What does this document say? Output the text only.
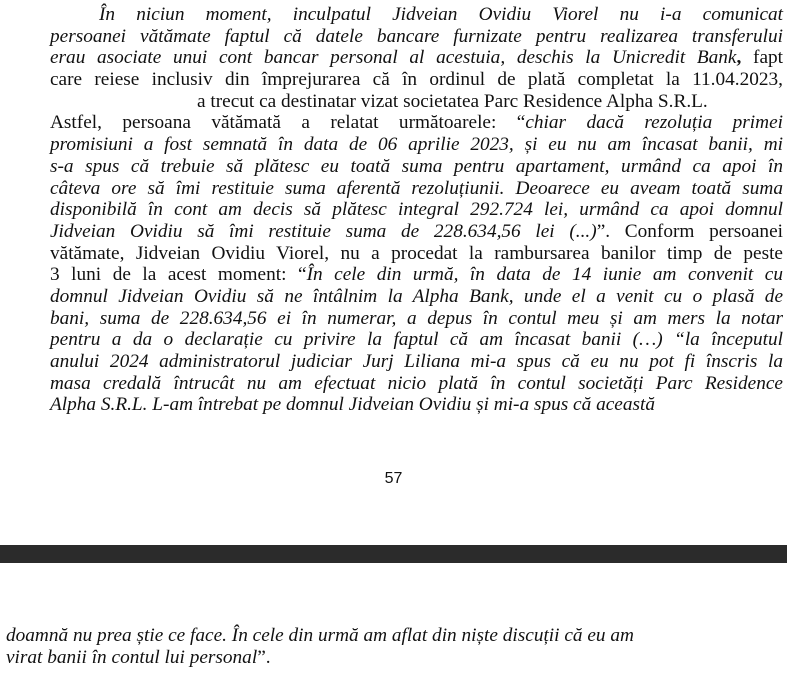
În niciun moment, inculpatul Jidveian Ovidiu Viorel nu i-a comunicat
persoanei vătămate faptul că datele bancare furnizate pentru realizarea transferului
erau asociate unui cont bancar personal al acestuia, deschis la Unicredit Bank, fapt
care reiese inclusiv din împrejurarea că în ordinul de plată completat la 11.04.2023,
a trecut ca destinatar vizat societatea Parc Residence Alpha S.R.L.
Astfel, persoana vătămată a relatat următoarele: “chiar dacă rezoluția primei
promisiuni a fost semnată în data de 06 aprilie 2023, și eu nu am încasat banii, mi
s-a spus că trebuie să plătesc eu toată suma pentru apartament, urmând ca apoi în
câteva ore să îmi restituie suma aferentă rezoluțiunii. Deoarece eu aveam toată suma
disponibilă în cont am decis să plătesc integral 292.724 lei, urmând ca apoi domnul
Jidveian Ovidiu să îmi restituie suma de 228.634,56 lei (...)”. Conform persoanei
vătămate, Jidveian Ovidiu Viorel, nu a procedat la rambursarea banilor timp de peste
3 luni de la acest moment: “În cele din urmă, în data de 14 iunie am convenit cu
domnul Jidveian Ovidiu să ne întâlnim la Alpha Bank, unde el a venit cu o plasă de
bani, suma de 228.634,56 ei în numerar, a depus în contul meu și am mers la notar
pentru a da o declarație cu privire la faptul că am încasat banii (…) “la începutul
anului 2024 administratorul judiciar Jurj Liliana mi-a spus că eu nu pot fi înscris la
masa credală întrucât nu am efectuat nicio plată în contul societăți Parc Residence
Alpha S.R.L. L-am întrebat pe domnul Jidveian Ovidiu și mi-a spus că această
57
doamnă nu prea știe ce face. În cele din urmă am aflat din niște discuții că eu am
virat banii în contul lui personal”.
